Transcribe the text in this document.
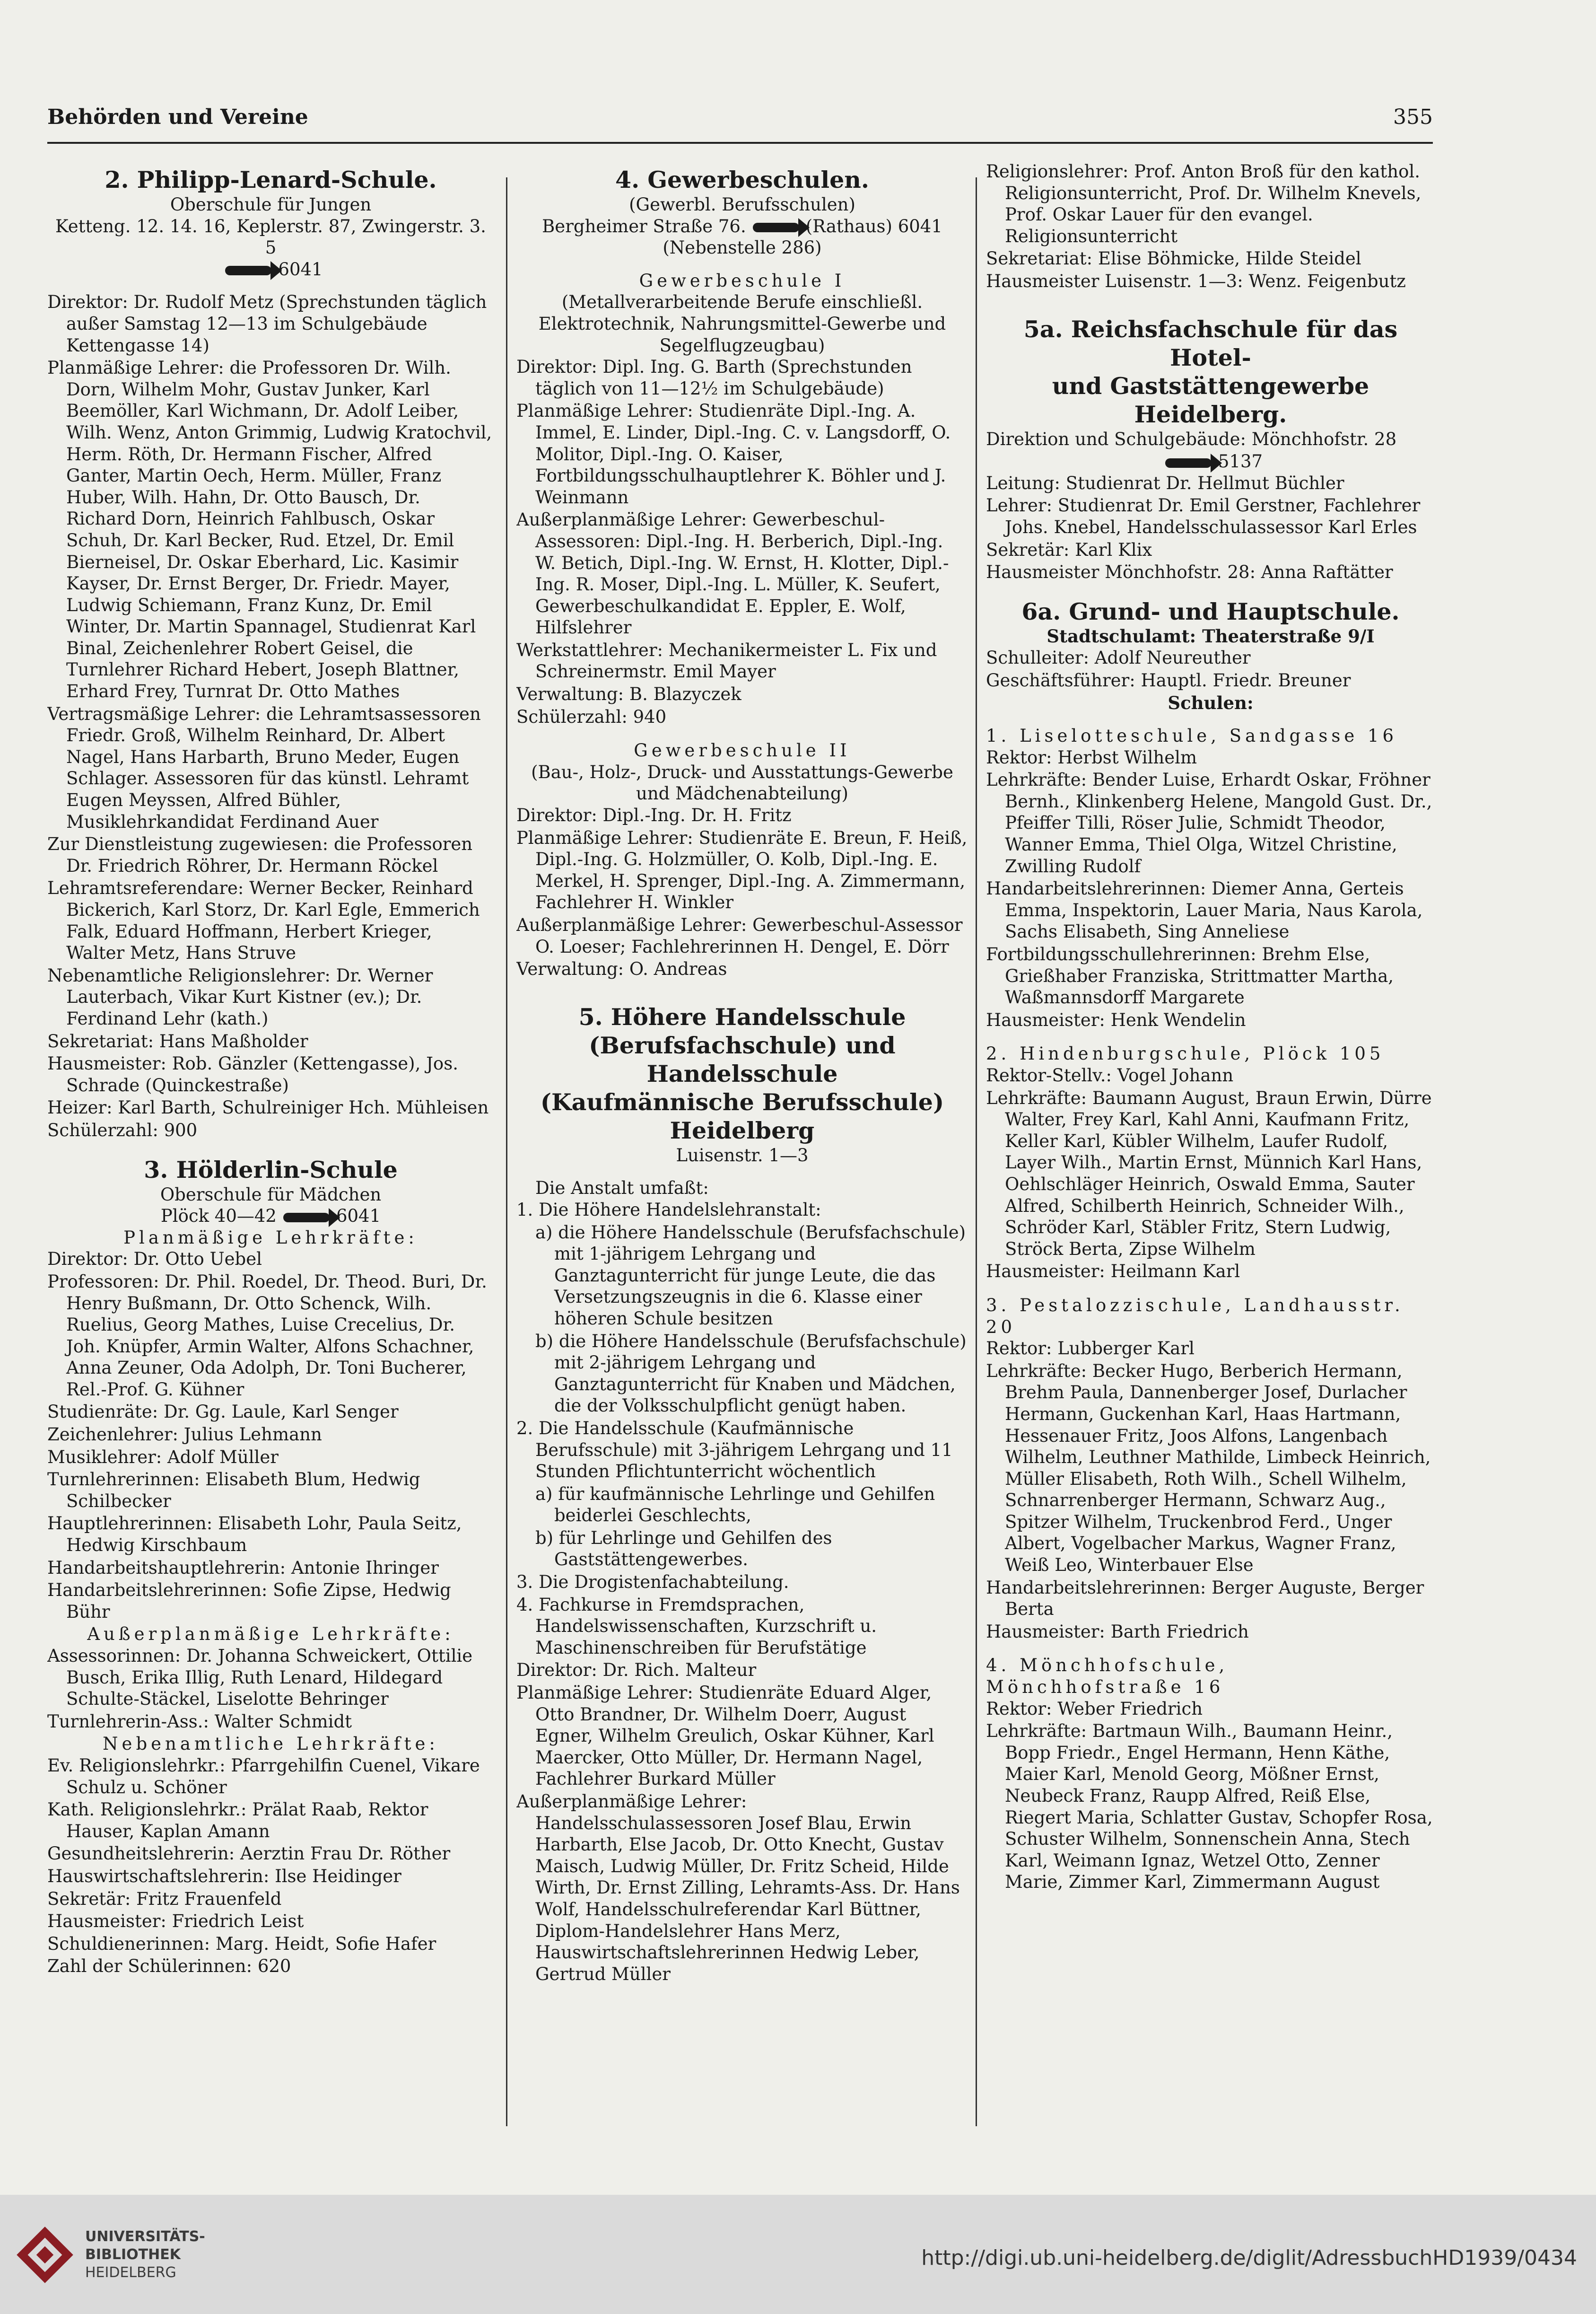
Behörden und Vereine	355
2. Philipp-Lenard-Schule.
Oberschule für Jungen
Ketteng. 12. 14. 16, Keplerstr. 87, Zwingerstr. 3. 5
6041
Direktor: Dr. Rudolf Metz (Sprechstunden täglich außer Samstag 12—13 im Schulgebäude Kettengasse 14)
Planmäßige Lehrer: die Professoren Dr. Wilh. Dorn, Wilhelm Mohr, Gustav Junker, Karl Beemöller, Karl Wichmann, Dr. Adolf Leiber, Wilh. Wenz, Anton Grimmig, Ludwig Kratochvil, Herm. Röth, Dr. Hermann Fischer, Alfred Ganter, Martin Oech, Herm. Müller, Franz Huber, Wilh. Hahn, Dr. Otto Bausch, Dr. Richard Dorn, Heinrich Fahlbusch, Oskar Schuh, Dr. Karl Becker, Rud. Etzel, Dr. Emil Bierneisel, Dr. Oskar Eberhard, Lic. Kasimir Kayser, Dr. Ernst Berger, Dr. Friedr. Mayer, Ludwig Schiemann, Franz Kunz, Dr. Emil Winter, Dr. Martin Spannagel, Studienrat Karl Binal, Zeichenlehrer Robert Geisel, die Turnlehrer Richard Hebert, Joseph Blattner, Erhard Frey, Turnrat Dr. Otto Mathes
Vertragsmäßige Lehrer: die Lehramtsassessoren Friedr. Groß, Wilhelm Reinhard, Dr. Albert Nagel, Hans Harbarth, Bruno Meder, Eugen Schlager. Assessoren für das künstl. Lehramt Eugen Meyssen, Alfred Bühler, Musiklehrkandidat Ferdinand Auer
Zur Dienstleistung zugewiesen: die Professoren Dr. Friedrich Röhrer, Dr. Hermann Röckel
Lehramtsreferendare: Werner Becker, Reinhard Bickerich, Karl Storz, Dr. Karl Egle, Emmerich Falk, Eduard Hoffmann, Herbert Krieger, Walter Metz, Hans Struve
Nebenamtliche Religionslehrer: Dr. Werner Lauterbach, Vikar Kurt Kistner (ev.); Dr. Ferdinand Lehr (kath.)
Sekretariat: Hans Maßholder
Hausmeister: Rob. Gänzler (Kettengasse), Jos. Schrade (Quinckestraße)
Heizer: Karl Barth, Schulreiniger Hch. Mühleisen
Schülerzahl: 900
3. Hölderlin-Schule
Oberschule für Mädchen
Plöck 40—42	6041
Planmäßige Lehrkräfte:
Direktor: Dr. Otto Uebel
Professoren: Dr. Phil. Roedel, Dr. Theod. Buri, Dr. Henry Bußmann, Dr. Otto Schenck, Wilh. Ruelius, Georg Mathes, Luise Crecelius, Dr. Joh. Knüpfer, Armin Walter, Alfons Schachner, Anna Zeuner, Oda Adolph, Dr. Toni Bucherer, Rel.-Prof. G. Kühner
Studienräte: Dr. Gg. Laule, Karl Senger
Zeichenlehrer: Julius Lehmann
Musiklehrer: Adolf Müller
Turnlehrerinnen: Elisabeth Blum, Hedwig Schilbecker
Hauptlehrerinnen: Elisabeth Lohr, Paula Seitz, Hedwig Kirschbaum
Handarbeitshauptlehrerin: Antonie Ihringer
Handarbeitslehrerinnen: Sofie Zipse, Hedwig Bühr
Außerplanmäßige Lehrkräfte:
Assessorinnen: Dr. Johanna Schweickert, Ottilie Busch, Erika Illig, Ruth Lenard, Hildegard Schulte-Stäckel, Liselotte Behringer
Turnlehrerin-Ass.: Walter Schmidt
Nebenamtliche Lehrkräfte:
Ev. Religionslehrkr.: Pfarrgehilfin Cuenel, Vikare Schulz u. Schöner
Kath. Religionslehrkr.: Prälat Raab, Rektor Hauser, Kaplan Amann
Gesundheitslehrerin: Aerztin Frau Dr. Röther
Hauswirtschaftslehrerin: Ilse Heidinger
Sekretär: Fritz Frauenfeld
Hausmeister: Friedrich Leist
Schuldienerinnen: Marg. Heidt, Sofie Hafer
Zahl der Schülerinnen: 620
4. Gewerbeschulen.
(Gewerbl. Berufsschulen)
Bergheimer Straße 76.	(Rathaus) 6041
(Nebenstelle 286)
Gewerbeschule I
(Metallverarbeitende Berufe einschließl. Elektrotechnik, Nahrungsmittel-Gewerbe und Segelflugzeugbau)
Direktor: Dipl. Ing. G. Barth (Sprechstunden täglich von 11—12½ im Schulgebäude)
Planmäßige Lehrer: Studienräte Dipl.-Ing. A. Immel, E. Linder, Dipl.-Ing. C. v. Langsdorff, O. Molitor, Dipl.-Ing. O. Kaiser, Fortbildungsschulhauptlehrer K. Böhler und J. Weinmann
Außerplanmäßige Lehrer: Gewerbeschul-Assessoren: Dipl.-Ing. H. Berberich, Dipl.-Ing. W. Betich, Dipl.-Ing. W. Ernst, H. Klotter, Dipl.-Ing. R. Moser, Dipl.-Ing. L. Müller, K. Seufert, Gewerbeschulkandidat E. Eppler, E. Wolf, Hilfslehrer
Werkstattlehrer: Mechanikermeister L. Fix und Schreinermstr. Emil Mayer
Verwaltung: B. Blazyczek
Schülerzahl: 940
Gewerbeschule II
(Bau-, Holz-, Druck- und Ausstattungs-Gewerbe und Mädchenabteilung)
Direktor: Dipl.-Ing. Dr. H. Fritz
Planmäßige Lehrer: Studienräte E. Breun, F. Heiß, Dipl.-Ing. G. Holzmüller, O. Kolb, Dipl.-Ing. E. Merkel, H. Sprenger, Dipl.-Ing. A. Zimmermann, Fachlehrer H. Winkler
Außerplanmäßige Lehrer: Gewerbeschul-Assessor O. Loeser; Fachlehrerinnen H. Dengel, E. Dörr
Verwaltung: O. Andreas
5. Höhere Handelsschule
(Berufsfachschule) und Handelsschule
(Kaufmännische Berufsschule) Heidelberg
Luisenstr. 1—3
Die Anstalt umfaßt:
1. Die Höhere Handelslehranstalt:
a) die Höhere Handelsschule (Berufsfachschule) mit 1-jährigem Lehrgang und Ganztagunterricht für junge Leute, die das Versetzungszeugnis in die 6. Klasse einer höheren Schule besitzen
b) die Höhere Handelsschule (Berufsfachschule) mit 2-jährigem Lehrgang und Ganztagunterricht für Knaben und Mädchen, die der Volksschulpflicht genügt haben.
2. Die Handelsschule (Kaufmännische Berufsschule) mit 3-jährigem Lehrgang und 11 Stunden Pflichtunterricht wöchentlich
a) für kaufmännische Lehrlinge und Gehilfen beiderlei Geschlechts,
b) für Lehrlinge und Gehilfen des Gaststättengewerbes.
3. Die Drogistenfachabteilung.
4. Fachkurse in Fremdsprachen, Handelswissenschaften, Kurzschrift u. Maschinenschreiben für Berufstätige
Direktor: Dr. Rich. Malteur
Planmäßige Lehrer: Studienräte Eduard Alger, Otto Brandner, Dr. Wilhelm Doerr, August Egner, Wilhelm Greulich, Oskar Kühner, Karl Maercker, Otto Müller, Dr. Hermann Nagel, Fachlehrer Burkard Müller
Außerplanmäßige Lehrer: Handelsschulassessoren Josef Blau, Erwin Harbarth, Else Jacob, Dr. Otto Knecht, Gustav Maisch, Ludwig Müller, Dr. Fritz Scheid, Hilde Wirth, Dr. Ernst Zilling, Lehramts-Ass. Dr. Hans Wolf, Handelsschulreferendar Karl Büttner, Diplom-Handelslehrer Hans Merz, Hauswirtschaftslehrerinnen Hedwig Leber, Gertrud Müller
Religionslehrer: Prof. Anton Broß für den kathol. Religionsunterricht, Prof. Dr. Wilhelm Knevels, Prof. Oskar Lauer für den evangel. Religionsunterricht
Sekretariat: Elise Böhmicke, Hilde Steidel
Hausmeister Luisenstr. 1—3: Wenz. Feigenbutz
5a. Reichsfachschule für das Hotel-
und Gaststättengewerbe Heidelberg.
Direktion und Schulgebäude: Mönchhofstr. 28
5137
Leitung: Studienrat Dr. Hellmut Büchler
Lehrer: Studienrat Dr. Emil Gerstner, Fachlehrer Johs. Knebel, Handelsschulassessor Karl Erles
Sekretär: Karl Klix
Hausmeister Mönchhofstr. 28: Anna Raftätter
6a. Grund- und Hauptschule.
Stadtschulamt: Theaterstraße 9/I
Schulleiter: Adolf Neureuther
Geschäftsführer: Hauptl. Friedr. Breuner
Schulen:
1. Liselotteschule, Sandgasse 16
Rektor: Herbst Wilhelm
Lehrkräfte: Bender Luise, Erhardt Oskar, Fröhner Bernh., Klinkenberg Helene, Mangold Gust. Dr., Pfeiffer Tilli, Röser Julie, Schmidt Theodor, Wanner Emma, Thiel Olga, Witzel Christine, Zwilling Rudolf
Handarbeitslehrerinnen: Diemer Anna, Gerteis Emma, Inspektorin, Lauer Maria, Naus Karola, Sachs Elisabeth, Sing Anneliese
Fortbildungsschullehrerinnen: Brehm Else, Grießhaber Franziska, Strittmatter Martha, Waßmannsdorff Margarete
Hausmeister: Henk Wendelin
2. Hindenburgschule, Plöck 105
Rektor-Stellv.: Vogel Johann
Lehrkräfte: Baumann August, Braun Erwin, Dürre Walter, Frey Karl, Kahl Anni, Kaufmann Fritz, Keller Karl, Kübler Wilhelm, Laufer Rudolf, Layer Wilh., Martin Ernst, Münnich Karl Hans, Oehlschläger Heinrich, Oswald Emma, Sauter Alfred, Schilberth Heinrich, Schneider Wilh., Schröder Karl, Stäbler Fritz, Stern Ludwig, Ströck Berta, Zipse Wilhelm
Hausmeister: Heilmann Karl
3. Pestalozzischule, Landhausstr. 20
Rektor: Lubberger Karl
Lehrkräfte: Becker Hugo, Berberich Hermann, Brehm Paula, Dannenberger Josef, Durlacher Hermann, Guckenhan Karl, Haas Hartmann, Hessenauer Fritz, Joos Alfons, Langenbach Wilhelm, Leuthner Mathilde, Limbeck Heinrich, Müller Elisabeth, Roth Wilh., Schell Wilhelm, Schnarrenberger Hermann, Schwarz Aug., Spitzer Wilhelm, Truckenbrod Ferd., Unger Albert, Vogelbacher Markus, Wagner Franz, Weiß Leo, Winterbauer Else
Handarbeitslehrerinnen: Berger Auguste, Berger Berta
Hausmeister: Barth Friedrich
4. Mönchhofschule, Mönchhofstraße 16
Rektor: Weber Friedrich
Lehrkräfte: Bartmaun Wilh., Baumann Heinr., Bopp Friedr., Engel Hermann, Henn Käthe, Maier Karl, Menold Georg, Mößner Ernst, Neubeck Franz, Raupp Alfred, Reiß Else, Riegert Maria, Schlatter Gustav, Schopfer Rosa, Schuster Wilhelm, Sonnenschein Anna, Stech Karl, Weimann Ignaz, Wetzel Otto, Zenner Marie, Zimmer Karl, Zimmermann August
UNIVERSITÄTS-
BIBLIOTHEK
HEIDELBERG
http://digi.ub.uni-heidelberg.de/diglit/AdressbuchHD1939/0434
